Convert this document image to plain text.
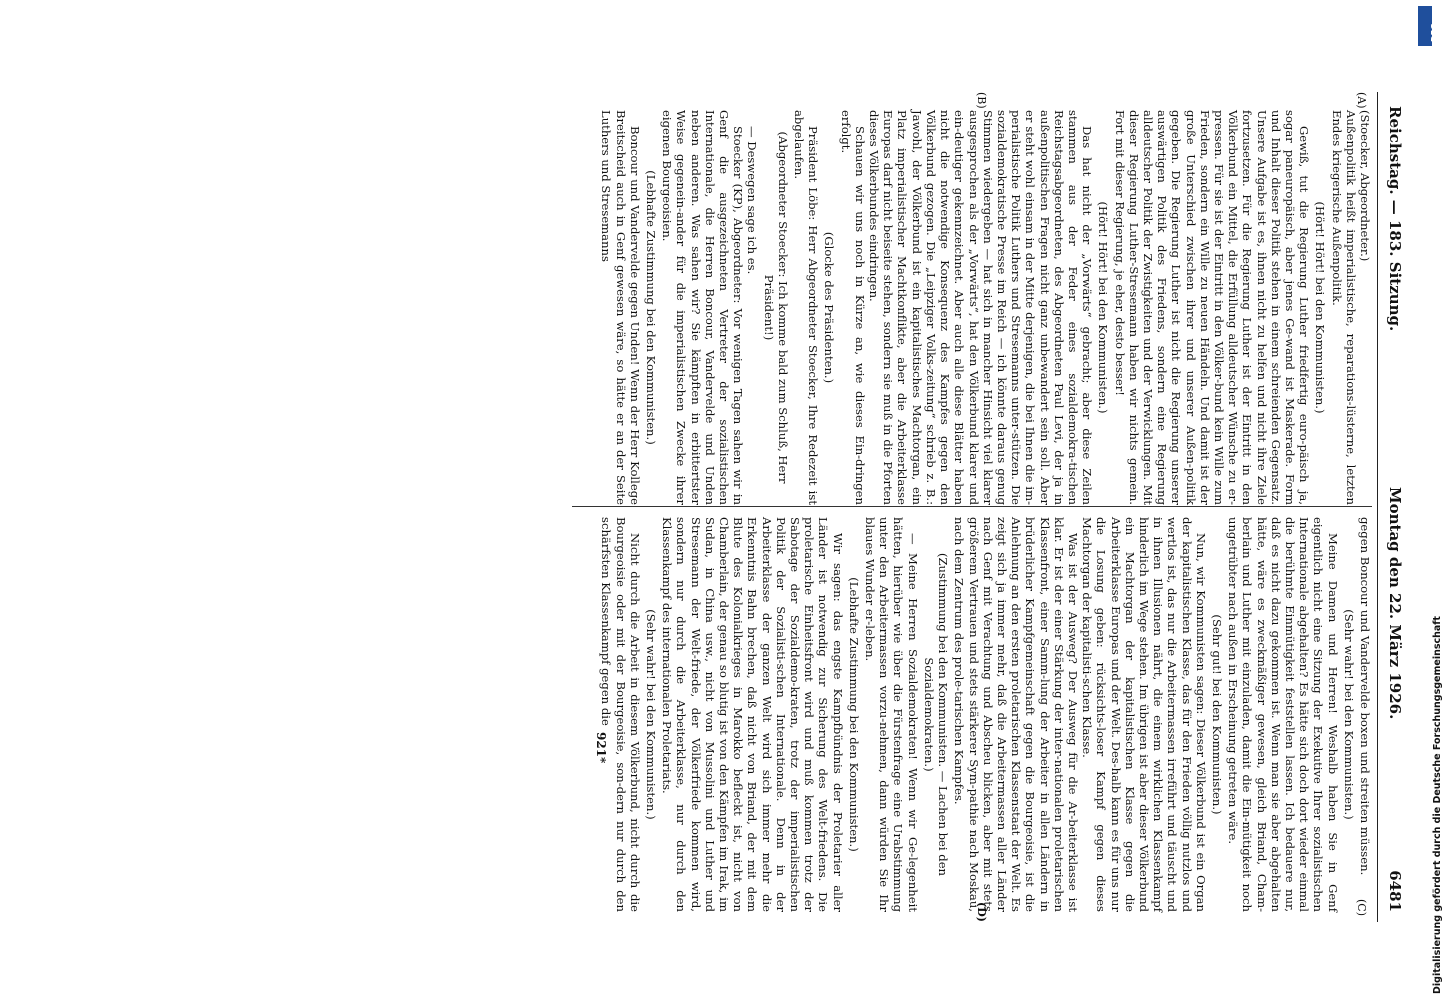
Reichstag. — 183. Sitzung.
Montag den 22. März 1926.
6481
(A)
(B)
(C)
(D)

(Stoecker, Abgeordneter.)

Außenpolitik heißt imperialistische, reparations-lüsterne, letzten Endes kriegerische Außenpolitik.

(Hört! Hört! bei den Kommunisten.)

Gewiß, tut die Regierung Luther friedfertig euro-päisch ja, sogar paneuropäisch, aber jenes Ge-wand ist Maskerade. Form und Inhalt dieser Politik stehen in einem schreienden Gegensatz. Unsere Aufgabe ist es, ihnen nicht zu helfen und nicht ihre Ziele fortzusetzen. Für die Regierung Luther ist der Eintritt in den Völkerbund ein Mittel, die Erfüllung alldeutscher Wünsche zu er-pressen. Für sie ist der Eintritt in den Völker-bund kein Wille zum Frieden, sondern ein Wille zu neuen Händeln. Und damit ist der große Unterschied zwischen ihrer und unserer Außen-politik gegeben. Die Regierung Luther ist nicht die Regierung unserer auswärtigen Politik des Friedens, sondern eine Regierung alldeutscher Politik der Zwistigkeiten und der Verwicklungen. Mit dieser Regierung Luther-Stresemann haben wir nichts gemein. Fort mit dieser Regierung, je eher, desto besser!

(Hört! Hört! bei den Kommunisten.)

Das hat nicht der „Vorwärts“ gebracht; aber diese Zeilen stammen aus der Feder eines sozialdemokra-tischen Reichstagsabgeordneten, des Abgeordneten Paul Levi, der ja in außenpolitischen Fragen nicht ganz unbewandert sein soll. Aber er steht wohl einsam in der Mitte derjenigen, die bei Ihnen die im-perialistische Politik Luthers und Stresemanns unter-stützen. Die sozialdemokratische Presse im Reich — ich könnte daraus genug Stimmen wiedergeben — hat sich in mancher Hinsicht viel klarer ausgesprochen als der „Vorwärts“, hat den Völkerbund klarer und ein-deutiger gekennzeichnet. Aber auch alle diese Blätter haben nicht die notwendige Konsequenz des Kampfes gegen den Völkerbund gezogen. Die „Leipziger Volks-zeitung“ schrieb z. B.: Jawohl, der Völkerbund ist ein kapitalistisches Machtorgan, ein Platz imperialistischer Machtkonflikte, aber die Arbeiterklasse Europas darf nicht beiseite stehen, sondern sie muß in die Pforten dieses Völkerbundes eindringen.

Schauen wir uns noch in Kürze an, wie dieses Ein-dringen erfolgt.

(Glocke des Präsidenten.)

Präsident Löbe: Herr Abgeordneter Stoecker, Ihre Redezeit ist abgelaufen.

(Abgeordneter Stoecker: Ich komme bald zum Schluß, Herr Präsident!)

— Deswegen sage ich es.

Stoecker (KP), Abgeordneter: Vor wenigen Tagen sahen wir in Genf die ausgezeichneten Vertreter der sozialistischen Internationale, die Herren Boncour, Vandervelde und Unden neben anderen. Was sahen wir? Sie kämpften in erbittertster Weise gegenein-ander für die imperialistischen Zwecke ihrer eigenen Bourgeoisien.

(Lebhafte Zustimmung bei den Kommunisten.)

Boncour und Vandervelde gegen Unden! Wenn der Herr Kollege Breitscheid auch in Genf gewesen wäre, so hätte er an der Seite Luthers und Stresemanns

gegen Boncour und Vandervelde boxen und streiten müssen.

(Sehr wahr! bei den Kommunisten.)

Meine Damen und Herren! Weshalb haben Sie in Genf eigentlich nicht eine Sitzung der Exekutive Ihrer sozialistischen Internationale abgehalten? Es hätte sich doch dort wieder einmal die berühmte Einmütigkeit feststellen lassen. Ich bedauere nur, daß es nicht dazu gekommen ist. Wenn man sie aber abgehalten hätte, wäre es zweckmäßiger gewesen, gleich Briand, Cham-berlain und Luther mit einzuladen, damit die Ein-mütigkeit noch ungetrübter nach außen in Erscheinung getreten wäre.

(Sehr gut! bei den Kommunisten.)

Nun, wir Kommunisten sagen: Dieser Völkerbund ist ein Organ der kapitalistischen Klasse, das für den Frieden völlig nutzlos und wertlos ist, das nur die Arbeitermassen irreführt und täuscht und in ihnen Illusionen nährt, die einem wirklichen Klassenkampf hinderlich im Wege stehen. Im übrigen ist aber dieser Völkerbund ein Machtorgan der kapitalistischen Klasse gegen die Arbeiterklasse Europas und der Welt. Des-halb kann es für uns nur die Losung geben: rücksichts-loser Kampf gegen dieses Machtorgan der kapitalisti-schen Klasse.

Was ist der Ausweg? Der Ausweg für die Ar-beiterklasse ist klar. Er ist der einer Stärkung der inter-nationalen proletarischen Klassenfront, einer Samm-lung der Arbeiter in allen Ländern in brüderlicher Kampfgemeinschaft gegen die Bourgeoisie, ist die Anlehnung an den ersten proletarischen Klassenstaat der Welt. Es zeigt sich ja immer mehr, daß die Arbeitermassen aller Länder nach Genf mit Verachtung und Abscheu blicken, aber mit stets größerem Vertrauen und stets stärkerer Sym-pathie nach Moskau, nach dem Zentrum des prole-tarischen Kampfes.

(Zustimmung bei den Kommunisten. — Lachen bei den Sozialdemokraten.)

— Meine Herren Sozialdemokraten! Wenn wir Ge-legenheit hätten, hierüber wie über die Fürstenfrage eine Urabstimmung unter den Arbeitermassen vorzu-nehmen, dann würden Sie Ihr blaues Wunder er-leben.

(Lebhafte Zustimmung bei den Kommunisten.)

Wir sagen: das engste Kampfbündnis der Proletarier aller Länder ist notwendig zur Sicherung des Welt-friedens. Die proletarische Einheitsfront wird und muß kommen trotz der Sabotage der Sozialdemo-kraten, trotz der imperialistischen Politik der Sozialisti-schen Internationale. Denn in der Arbeiterklasse der ganzen Welt wird sich immer mehr die Erkenntnis Bahn brechen, daß nicht von Briand, der mit dem Blute des Kolonialkrieges in Marokko befleckt ist, nicht von Chamberlain, der genau so blutig ist von den Kämpfen im Irak, im Sudan, in China usw., nicht von Mussolini und Luther und Stresemann der Welt-friede, der Völkerfriede kommen wird, sondern nur durch die Arbeiterklasse, nur durch den Klassenkampf des internationalen Proletariats.

(Sehr wahr! bei den Kommunisten.)

Nicht durch die Arbeit in diesem Völkerbund, nicht durch die Bourgeoisie oder mit der Bourgeoisie, son-dern nur durch den schärfsten Klassenkampf gegen die

921*	Digitalisierung gefördert durch die Deutsche Forschungsgemeinschaft
DFG
